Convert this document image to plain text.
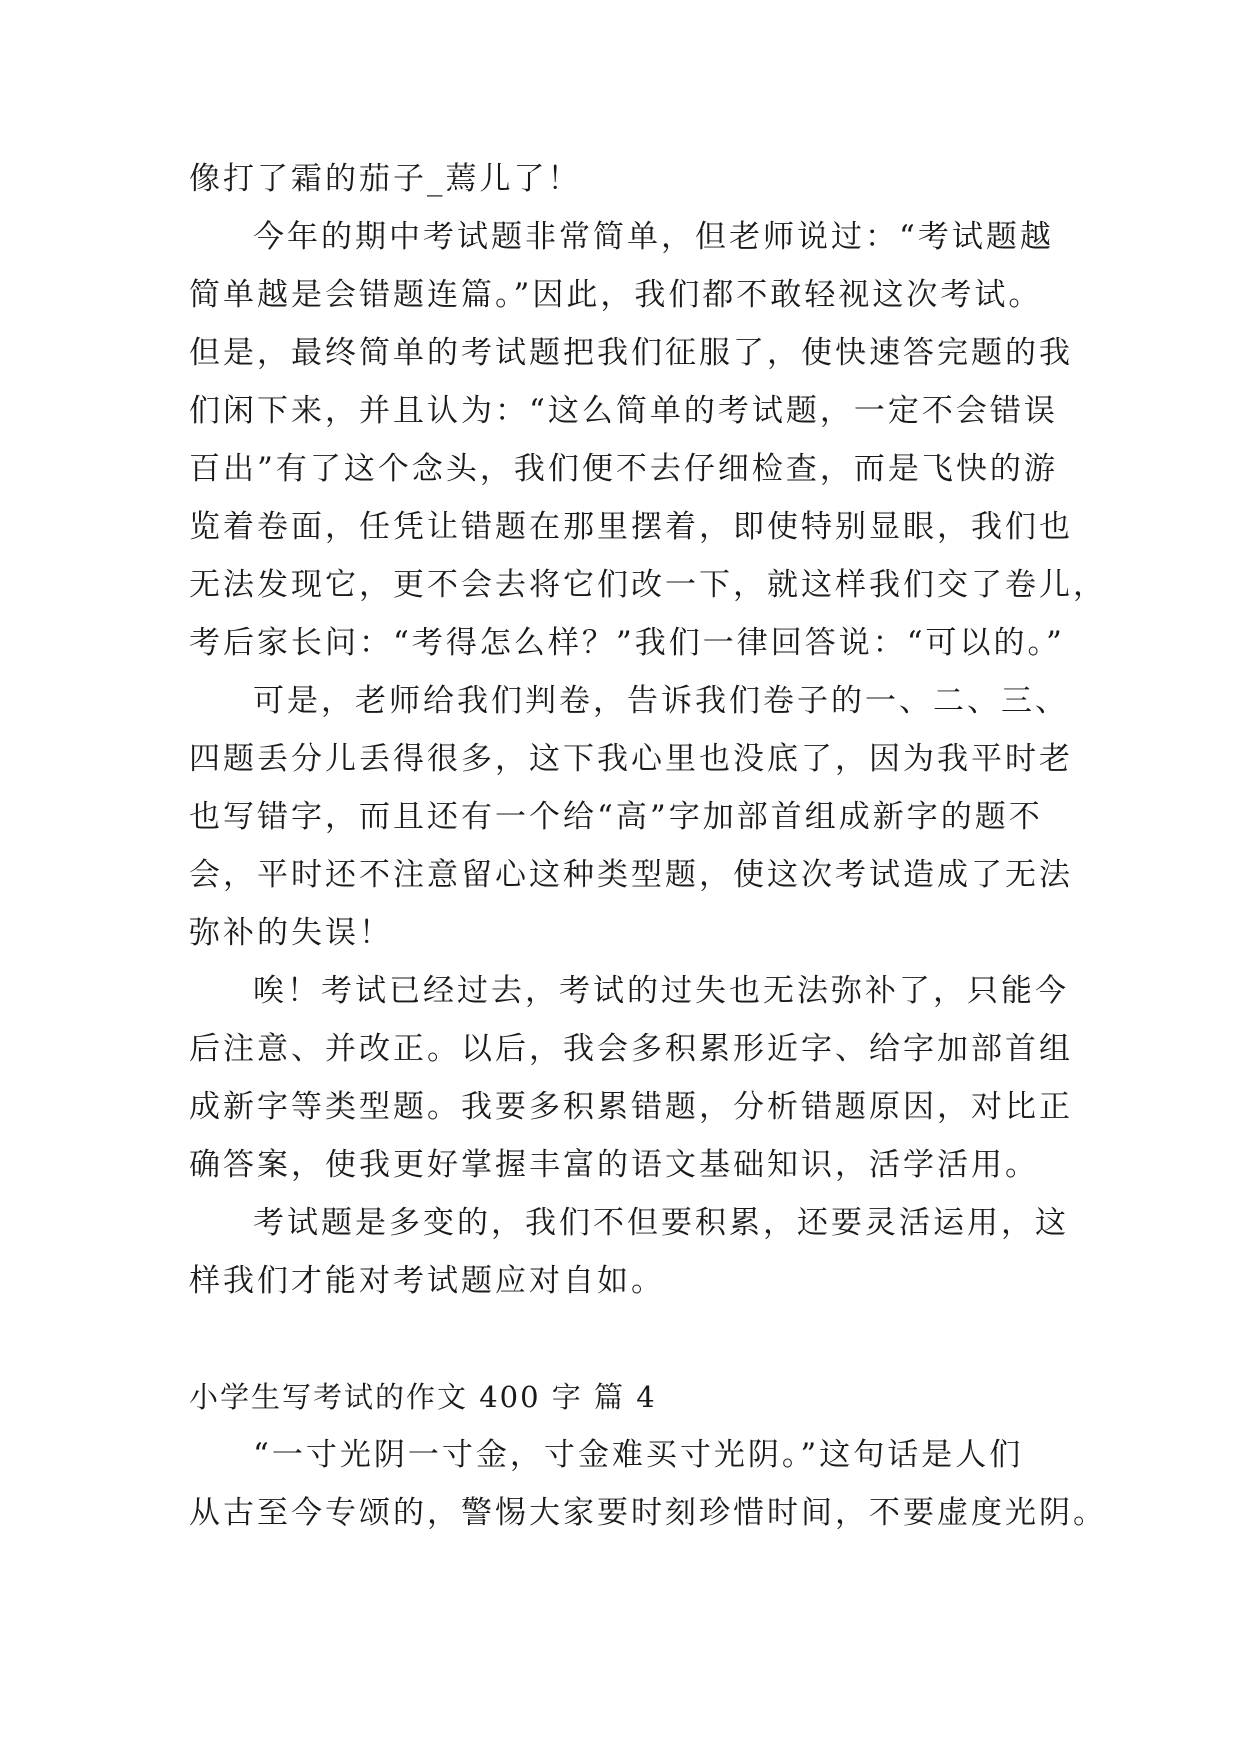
像打了霜的茄子_蔫儿了！
今年的期中考试题非常简单，但老师说过：“考试题越
简单越是会错题连篇。”因此，我们都不敢轻视这次考试。
但是，最终简单的考试题把我们征服了，使快速答完题的我
们闲下来，并且认为：“这么简单的考试题，一定不会错误
百出”有了这个念头，我们便不去仔细检查，而是飞快的游
览着卷面，任凭让错题在那里摆着，即使特别显眼，我们也
无法发现它，更不会去将它们改一下，就这样我们交了卷儿，
考后家长问：“考得怎么样？”我们一律回答说：“可以的。”
可是，老师给我们判卷，告诉我们卷子的一、二、三、
四题丢分儿丢得很多，这下我心里也没底了，因为我平时老
也写错字，而且还有一个给“高”字加部首组成新字的题不
会，平时还不注意留心这种类型题，使这次考试造成了无法
弥补的失误！
唉！考试已经过去，考试的过失也无法弥补了，只能今
后注意、并改正。以后，我会多积累形近字、给字加部首组
成新字等类型题。我要多积累错题，分析错题原因，对比正
确答案，使我更好掌握丰富的语文基础知识，活学活用。
考试题是多变的，我们不但要积累，还要灵活运用，这
样我们才能对考试题应对自如。
小学生写考试的作文 400 字 篇 4
“一寸光阴一寸金，寸金难买寸光阴。”这句话是人们
从古至今专颂的，警惕大家要时刻珍惜时间，不要虚度光阴。
